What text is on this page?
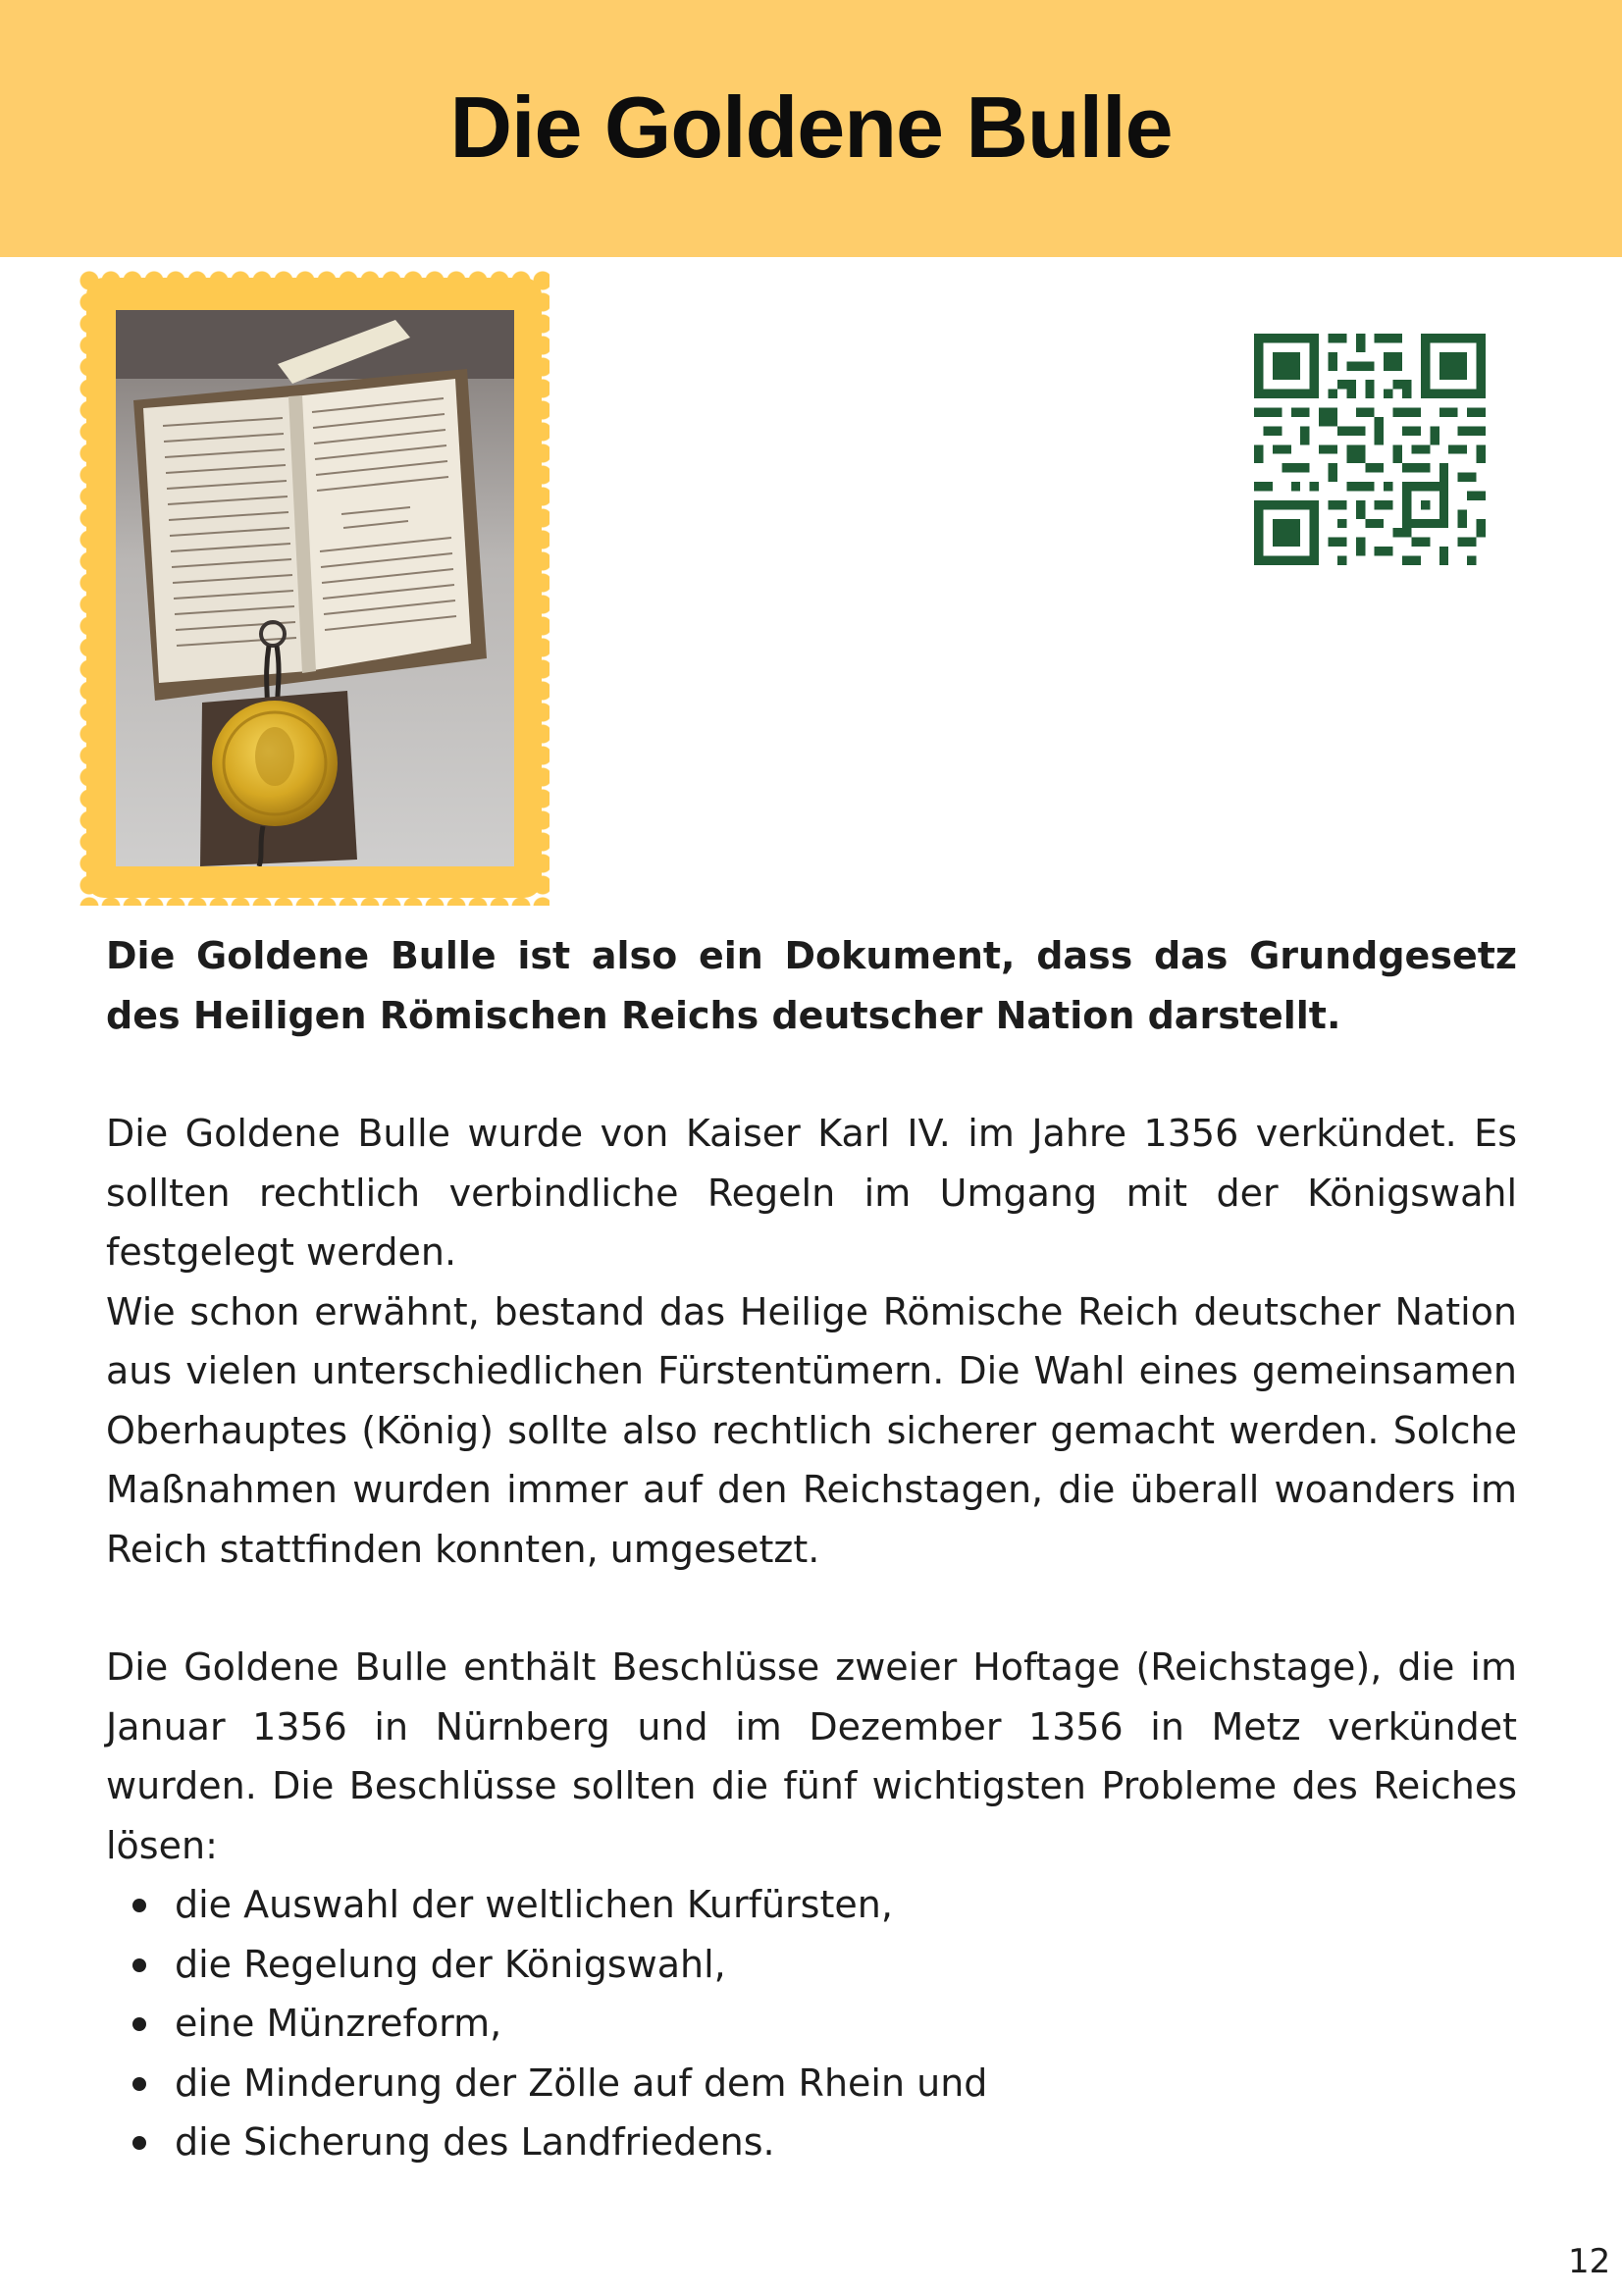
Die Goldene Bulle

Die Goldene Bulle ist also ein Dokument, dass das Grundgesetz des Heiligen Römischen Reichs deutscher Nation darstellt.

Die Goldene Bulle wurde von Kaiser Karl IV. im Jahre 1356 verkündet. Es sollten rechtlich verbindliche Regeln im Umgang mit der Königswahl festgelegt werden.

Wie schon erwähnt, bestand das Heilige Römische Reich deutscher Nation aus vielen unterschiedlichen Fürstentümern. Die Wahl eines gemeinsamen Oberhauptes (König) sollte also rechtlich sicherer gemacht werden. Solche Maßnahmen wurden immer auf den Reichstagen, die überall woanders im Reich stattfinden konnten, umgesetzt.

Die Goldene Bulle enthält Beschlüsse zweier Hoftage (Reichstage), die im Januar 1356 in Nürnberg und im Dezember 1356 in Metz verkündet wurden. Die Beschlüsse sollten die fünf wichtigsten Probleme des Reiches lösen:

die Auswahl der weltlichen Kurfürsten,
die Regelung der Königswahl,
eine Münzreform,
die Minderung der Zölle auf dem Rhein und
die Sicherung des Landfriedens.
12
